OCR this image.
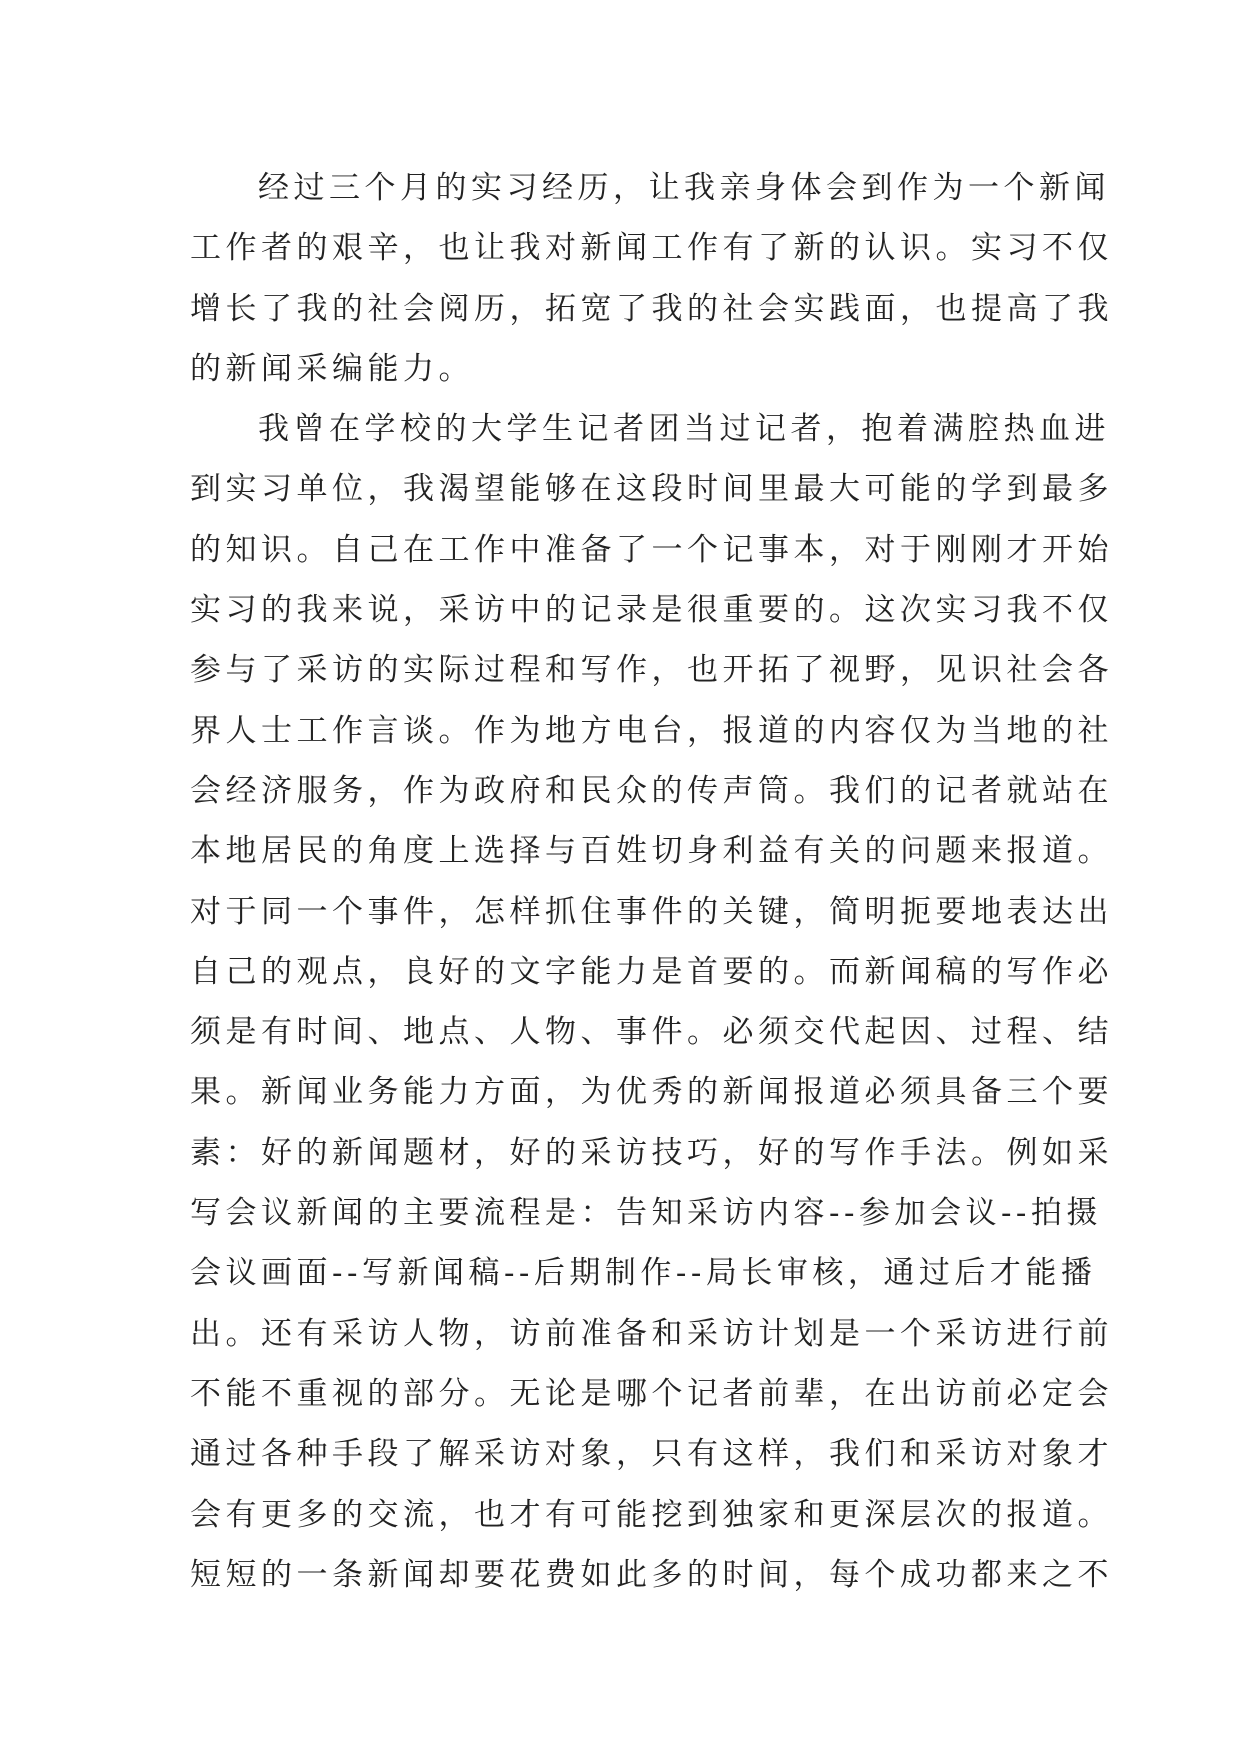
经过三个月的实习经历，让我亲身体会到作为一个新闻
工作者的艰辛，也让我对新闻工作有了新的认识。实习不仅
增长了我的社会阅历，拓宽了我的社会实践面，也提高了我
的新闻采编能力。
我曾在学校的大学生记者团当过记者，抱着满腔热血进
到实习单位，我渴望能够在这段时间里最大可能的学到最多
的知识。自己在工作中准备了一个记事本，对于刚刚才开始
实习的我来说，采访中的记录是很重要的。这次实习我不仅
参与了采访的实际过程和写作，也开拓了视野，见识社会各
界人士工作言谈。作为地方电台，报道的内容仅为当地的社
会经济服务，作为政府和民众的传声筒。我们的记者就站在
本地居民的角度上选择与百姓切身利益有关的问题来报道。
对于同一个事件，怎样抓住事件的关键，简明扼要地表达出
自己的观点，良好的文字能力是首要的。而新闻稿的写作必
须是有时间、地点、人物、事件。必须交代起因、过程、结
果。新闻业务能力方面，为优秀的新闻报道必须具备三个要
素：好的新闻题材，好的采访技巧，好的写作手法。例如采
写会议新闻的主要流程是：告知采访内容--参加会议--拍摄
会议画面--写新闻稿--后期制作--局长审核，通过后才能播
出。还有采访人物，访前准备和采访计划是一个采访进行前
不能不重视的部分。无论是哪个记者前辈，在出访前必定会
通过各种手段了解采访对象，只有这样，我们和采访对象才
会有更多的交流，也才有可能挖到独家和更深层次的报道。
短短的一条新闻却要花费如此多的时间，每个成功都来之不
